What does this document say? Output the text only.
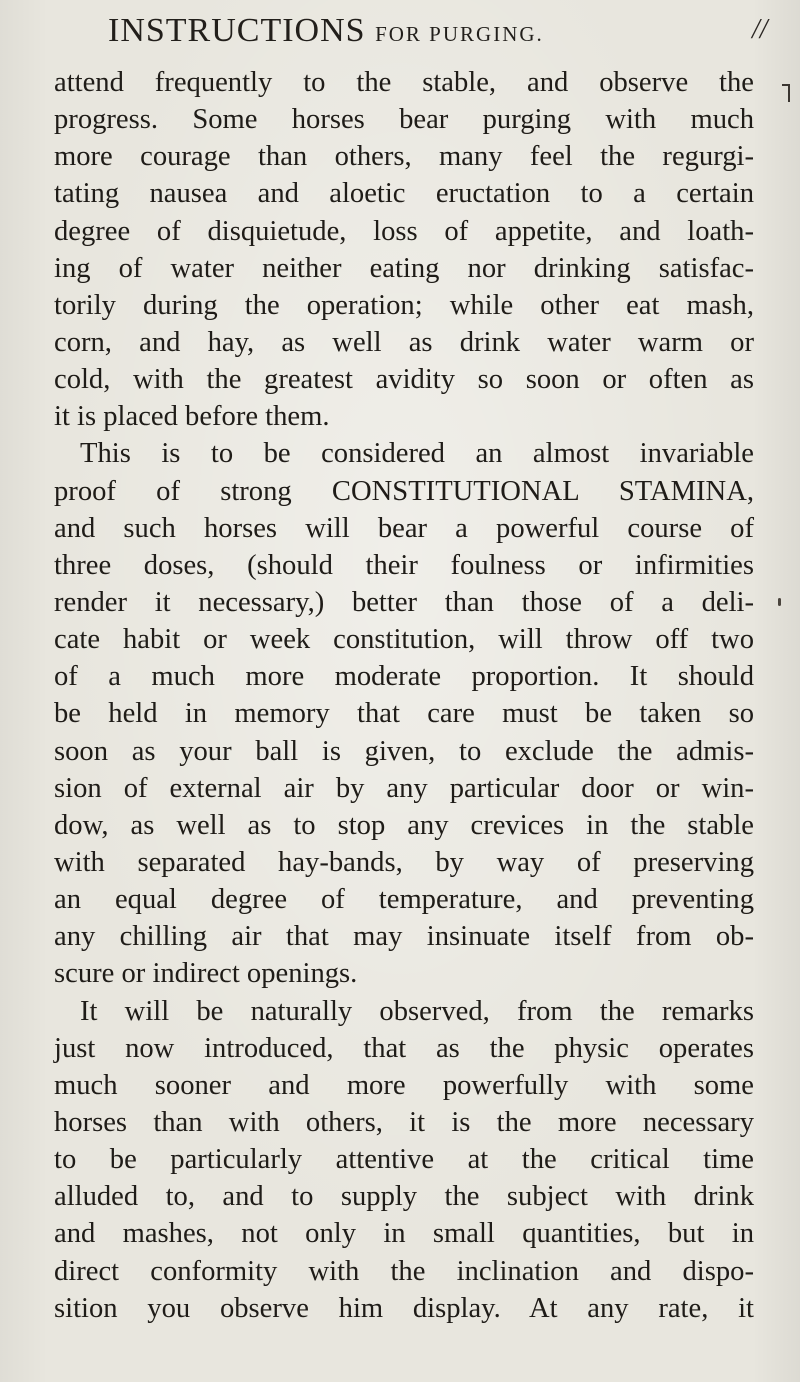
INSTRUCTIONS FOR PURGING.	//
attend frequently to the stable, and observe the
progress. Some horses bear purging with much
more courage than others, many feel the regurgi-
tating nausea and aloetic eructation to a certain
degree of disquietude, loss of appetite, and loath-
ing of water neither eating nor drinking satisfac-
torily during the operation; while other eat mash,
corn, and hay, as well as drink water warm or
cold, with the greatest avidity so soon or often as
it is placed before them.
This is to be considered an almost invariable
proof of strong CONSTITUTIONAL STAMINA,
and such horses will bear a powerful course of
three doses, (should their foulness or infirmities
render it necessary,) better than those of a deli-
cate habit or week constitution, will throw off two
of a much more moderate proportion. It should
be held in memory that care must be taken so
soon as your ball is given, to exclude the admis-
sion of external air by any particular door or win-
dow, as well as to stop any crevices in the stable
with separated hay-bands, by way of preserving
an equal degree of temperature, and preventing
any chilling air that may insinuate itself from ob-
scure or indirect openings.
It will be naturally observed, from the remarks
just now introduced, that as the physic operates
much sooner and more powerfully with some
horses than with others, it is the more necessary
to be particularly attentive at the critical time
alluded to, and to supply the subject with drink
and mashes, not only in small quantities, but in
direct conformity with the inclination and dispo-
sition you observe him display. At any rate, it
